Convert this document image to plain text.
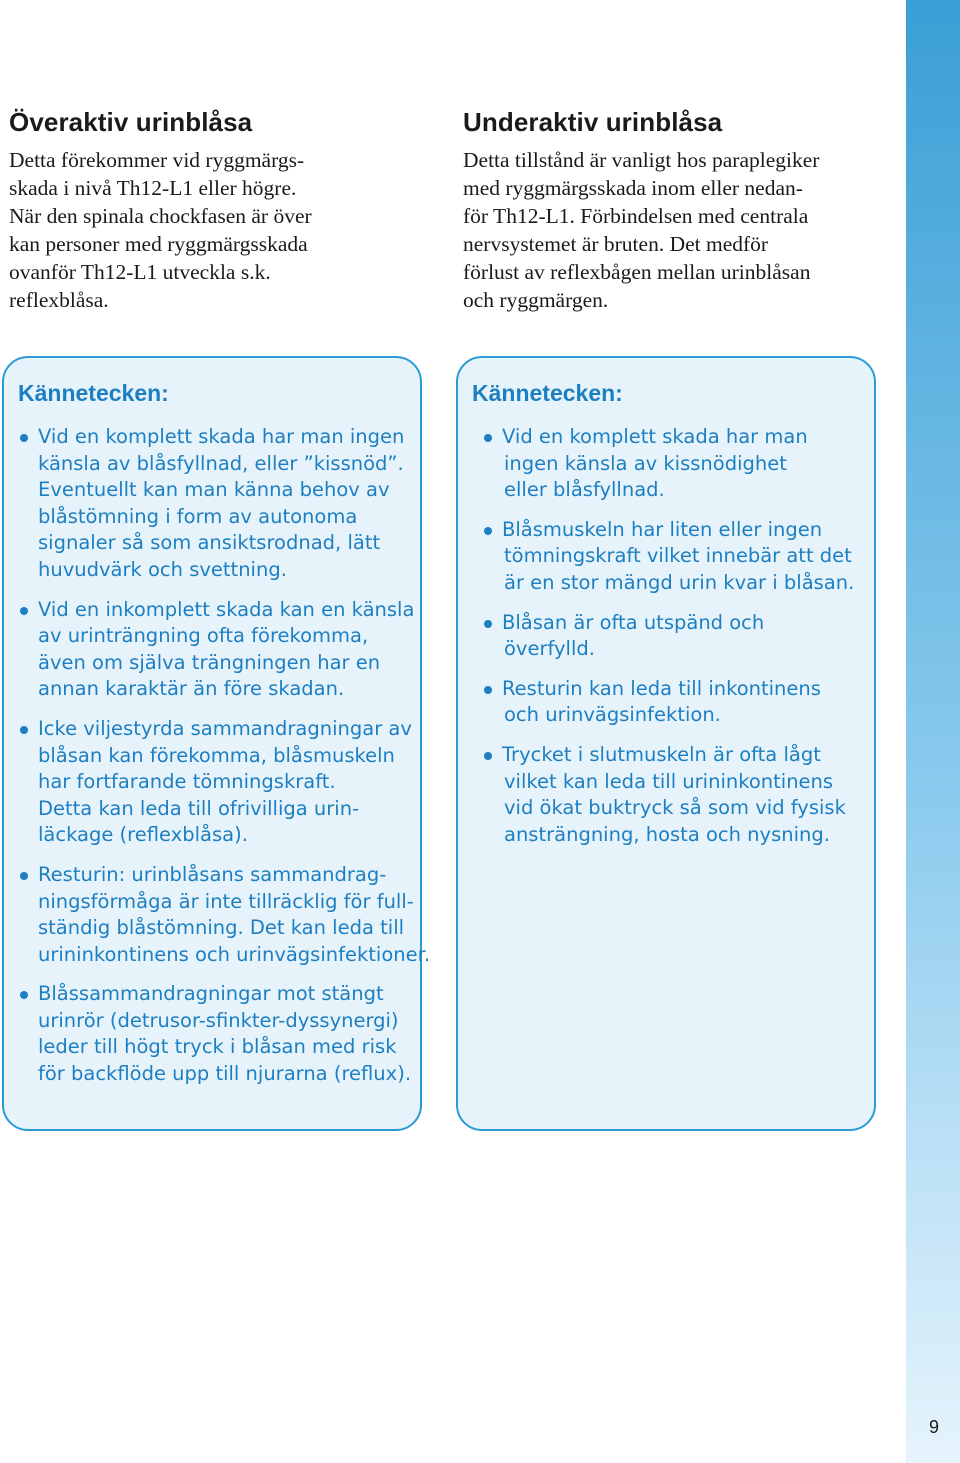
Överaktiv urinblåsa

Detta förekommer vid ryggmärgs-
skada i nivå Th12-L1 eller högre.
När den spinala chockfasen är över
kan personer med ryggmärgsskada
ovanför Th12-L1 utveckla s.k.
reflexblåsa.

Underaktiv urinblåsa

Detta tillstånd är vanligt hos paraplegiker
med ryggmärgsskada inom eller nedan-
för Th12-L1. Förbindelsen med centrala
nervsystemet är bruten. Det medför
förlust av reflexbågen mellan urinblåsan
och ryggmärgen.

Kännetecken:
Vid en komplett skada har man ingen
känsla av blåsfyllnad, eller ”kissnöd”.
Eventuellt kan man känna behov av
blåstömning i form av autonoma
signaler så som ansiktsrodnad, lätt
huvudvärk och svettning.
Vid en inkomplett skada kan en känsla
av urinträngning ofta förekomma,
även om själva trängningen har en
annan karaktär än före skadan.
Icke viljestyrda sammandragningar av
blåsan kan förekomma, blåsmuskeln
har fortfarande tömningskraft.
Detta kan leda till ofrivilliga urin-
läckage (reflexblåsa).
Resturin: urinblåsans sammandrag-
ningsförmåga är inte tillräcklig för full-
ständig blåstömning. Det kan leda till
urininkontinens och urinvägsinfektioner.
Blåssammandragningar mot stängt
urinrör (detrusor-sfinkter-dyssynergi)
leder till högt tryck i blåsan med risk
för backflöde upp till njurarna (reflux).
Kännetecken:
Vid en komplett skada har man
ingen känsla av kissnödighet
eller blåsfyllnad.
Blåsmuskeln har liten eller ingen
tömningskraft vilket innebär att det
är en stor mängd urin kvar i blåsan.
Blåsan är ofta utspänd och
överfylld.
Resturin kan leda till inkontinens
och urinvägsinfektion.
Trycket i slutmuskeln är ofta lågt
vilket kan leda till urininkontinens
vid ökat buktryck så som vid fysisk
ansträngning, hosta och nysning.
9
